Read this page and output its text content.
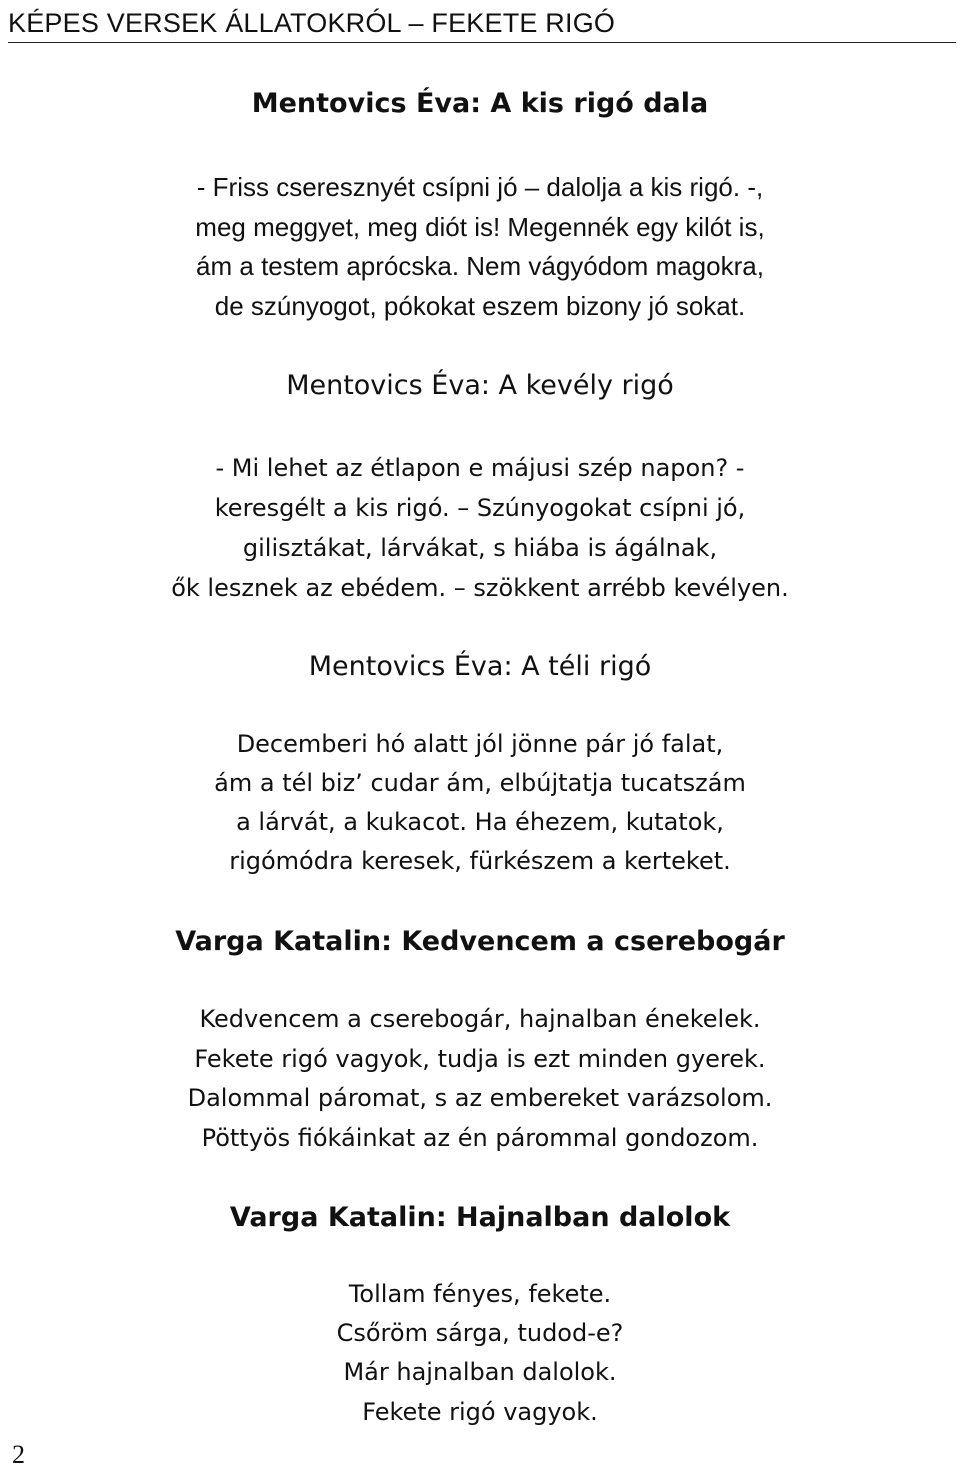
KÉPES VERSEK ÁLLATOKRÓL – FEKETE RIGÓ
Mentovics Éva: A kis rigó dala
- Friss cseresznyét csípni jó – dalolja a kis rigó. -,
meg meggyet, meg diót is! Megennék egy kilót is,
ám a testem aprócska. Nem vágyódom magokra,
de szúnyogot, pókokat eszem bizony jó sokat.
Mentovics Éva: A kevély rigó
- Mi lehet az étlapon e májusi szép napon? -
keresgélt a kis rigó. – Szúnyogokat csípni jó,
gilisztákat, lárvákat, s hiába is ágálnak,
ők lesznek az ebédem. – szökkent arrébb kevélyen.
Mentovics Éva: A téli rigó
Decemberi hó alatt jól jönne pár jó falat,
ám a tél biz’ cudar ám, elbújtatja tucatszám
a lárvát, a kukacot. Ha éhezem, kutatok,
rigómódra keresek, fürkészem a kerteket.
Varga Katalin: Kedvencem a cserebogár
Kedvencem a cserebogár, hajnalban énekelek.
Fekete rigó vagyok, tudja is ezt minden gyerek.
Dalommal páromat, s az embereket varázsolom.
Pöttyös fiókáinkat az én párommal gondozom.
Varga Katalin: Hajnalban dalolok
Tollam fényes, fekete.
Csőröm sárga, tudod-e?
Már hajnalban dalolok.
Fekete rigó vagyok.
2
